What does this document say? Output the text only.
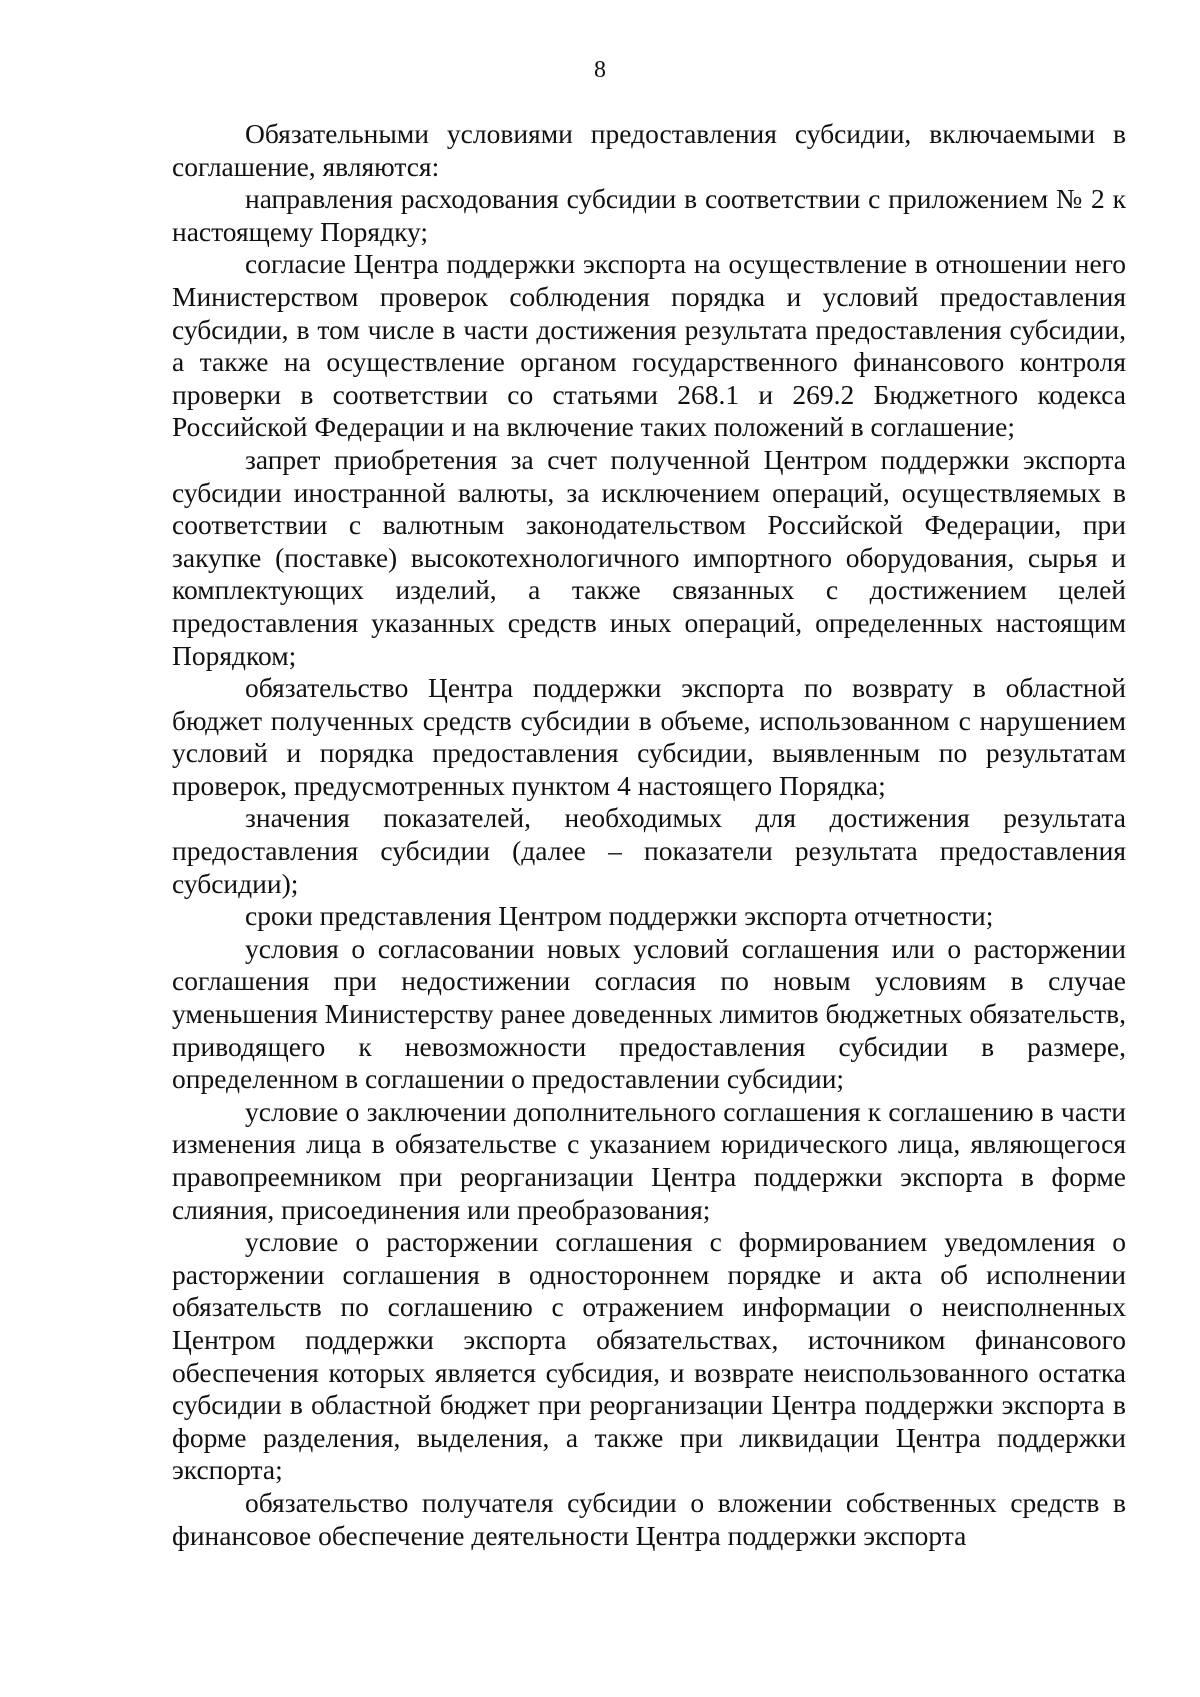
8

Обязательными условиями предоставления субсидии, включаемыми в соглашение, являются:

направления расходования субсидии в соответствии с приложением № 2 к настоящему Порядку;

согласие Центра поддержки экспорта на осуществление в отношении него Министерством проверок соблюдения порядка и условий предоставления субсидии, в том числе в части достижения результата предоставления субсидии, а также на осуществление органом государственного финансового контроля проверки в соответствии со статьями 268.1 и 269.2 Бюджетного кодекса Российской Федерации и на включение таких положений в соглашение;

запрет приобретения за счет полученной Центром поддержки экспорта субсидии иностранной валюты, за исключением операций, осуществляемых в соответствии с валютным законодательством Российской Федерации, при закупке (поставке) высокотехнологичного импортного оборудования, сырья и комплектующих изделий, а также связанных с достижением целей предоставления указанных средств иных операций, определенных настоящим Порядком;

обязательство Центра поддержки экспорта по возврату в областной бюджет полученных средств субсидии в объеме, использованном с нарушением условий и порядка предоставления субсидии, выявленным по результатам проверок, предусмотренных пунктом 4 настоящего Порядка;

значения показателей, необходимых для достижения результата предоставления субсидии (далее – показатели результата предоставления субсидии);

сроки представления Центром поддержки экспорта отчетности;

условия о согласовании новых условий соглашения или о расторжении соглашения при недостижении согласия по новым условиям в случае уменьшения Министерству ранее доведенных лимитов бюджетных обязательств, приводящего к невозможности предоставления субсидии в размере, определенном в соглашении о предоставлении субсидии;

условие о заключении дополнительного соглашения к соглашению в части изменения лица в обязательстве с указанием юридического лица, являющегося правопреемником при реорганизации Центра поддержки экспорта в форме слияния, присоединения или преобразования;

условие о расторжении соглашения с формированием уведомления о расторжении соглашения в одностороннем порядке и акта об исполнении обязательств по соглашению с отражением информации о неисполненных Центром поддержки экспорта обязательствах, источником финансового обеспечения которых является субсидия, и возврате неиспользованного остатка субсидии в областной бюджет при реорганизации Центра поддержки экспорта в форме разделения, выделения, а также при ликвидации Центра поддержки экспорта;

обязательство получателя субсидии о вложении собственных средств в финансовое обеспечение деятельности Центра поддержки экспорта
